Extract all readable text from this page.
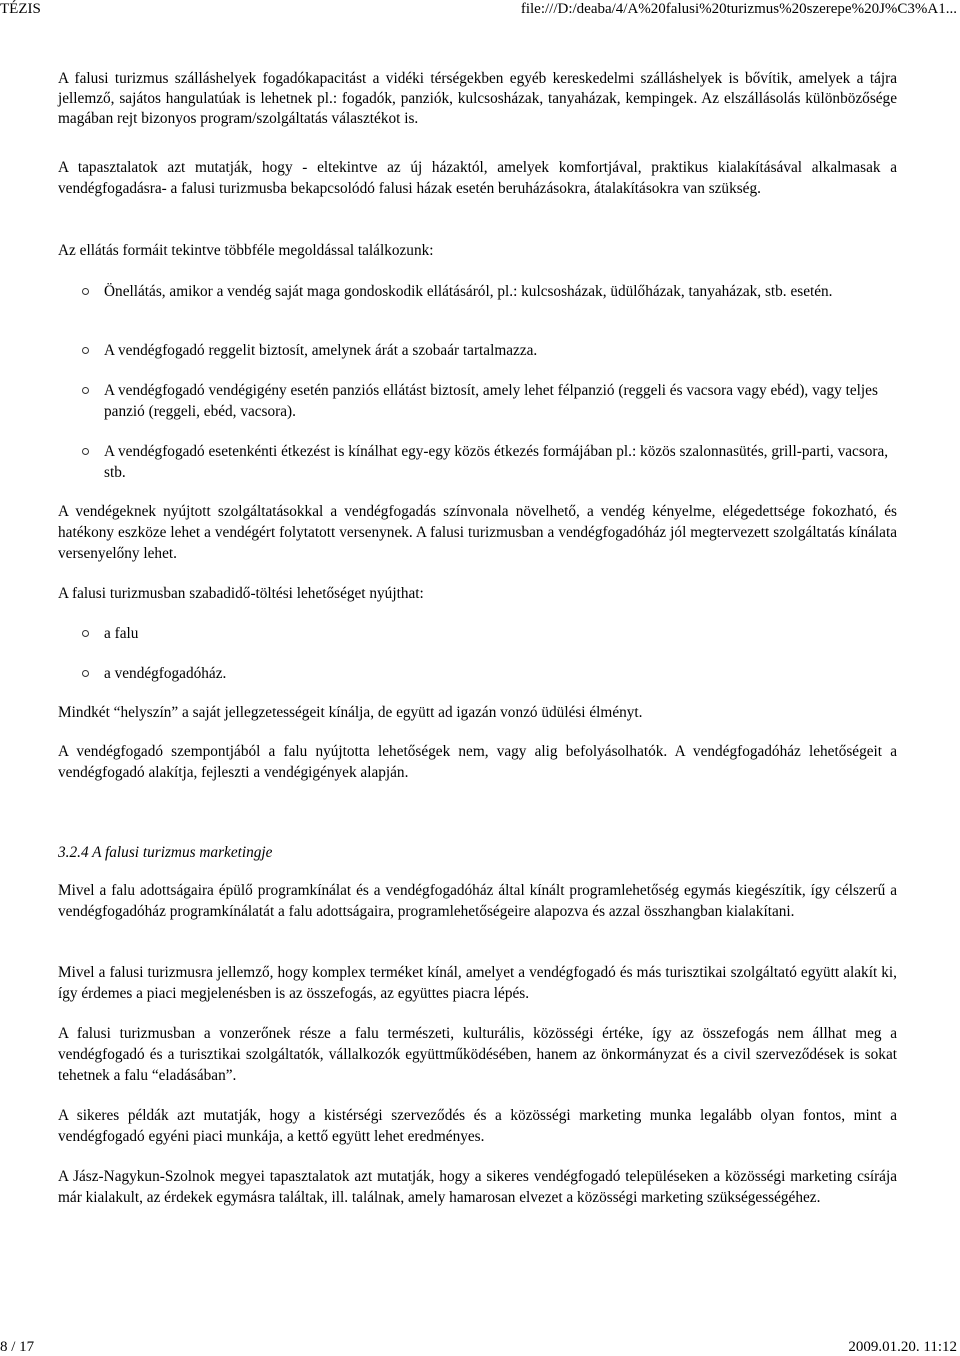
TÉZIS	file:///D:/deaba/4/A%20falusi%20turizmus%20szerepe%20J%C3%A1...

A falusi turizmus szálláshelyek fogadókapacitást a vidéki térségekben egyéb kereskedelmi szálláshelyek is bővítik, amelyek a tájra jellemző, sajátos hangulatúak is lehetnek pl.: fogadók, panziók, kulcsosházak, tanyaházak, kempingek. Az elszállásolás különbözősége magában rejt bizonyos program/szolgáltatás választékot is.

A tapasztalatok azt mutatják, hogy - eltekintve az új házaktól, amelyek komfortjával, praktikus kialakításával alkalmasak a vendégfogadásra- a falusi turizmusba bekapcsolódó falusi házak esetén beruházásokra, átalakításokra van szükség.

Az ellátás formáit tekintve többféle megoldással találkozunk:

Önellátás, amikor a vendég saját maga gondoskodik ellátásáról, pl.: kulcsosházak, üdülőházak, tanyaházak, stb. esetén.
A vendégfogadó reggelit biztosít, amelynek árát a szobaár tartalmazza.
A vendégfogadó vendégigény esetén panziós ellátást biztosít, amely lehet félpanzió (reggeli és vacsora vagy ebéd), vagy teljes panzió (reggeli, ebéd, vacsora).
A vendégfogadó esetenkénti étkezést is kínálhat egy-egy közös étkezés formájában pl.: közös szalonnasütés, grill-parti, vacsora, stb.

A vendégeknek nyújtott szolgáltatásokkal a vendégfogadás színvonala növelhető, a vendég kényelme, elégedettsége fokozható, és hatékony eszköze lehet a vendégért folytatott versenynek. A falusi turizmusban a vendégfogadóház jól megtervezett szolgáltatás kínálata versenyelőny lehet.

A falusi turizmusban szabadidő-töltési lehetőséget nyújthat:

a falu
a vendégfogadóház.

Mindkét “helyszín” a saját jellegzetességeit kínálja, de együtt ad igazán vonzó üdülési élményt.

A vendégfogadó szempontjából a falu nyújtotta lehetőségek nem, vagy alig befolyásolhatók. A vendégfogadóház lehetőségeit a vendégfogadó alakítja, fejleszti a vendégigények alapján.

3.2.4 A falusi turizmus marketingje

Mivel a falu adottságaira épülő programkínálat és a vendégfogadóház által kínált programlehetőség egymás kiegészítik, így célszerű a vendégfogadóház programkínálatát a falu adottságaira, programlehetőségeire alapozva és azzal összhangban kialakítani.

Mivel a falusi turizmusra jellemző, hogy komplex terméket kínál, amelyet a vendégfogadó és más turisztikai szolgáltató együtt alakít ki, így érdemes a piaci megjelenésben is az összefogás, az együttes piacra lépés.

A falusi turizmusban a vonzerőnek része a falu természeti, kulturális, közösségi értéke, így az összefogás nem állhat meg a vendégfogadó és a turisztikai szolgáltatók, vállalkozók együttműködésében, hanem az önkormányzat és a civil szerveződések is sokat tehetnek a falu “eladásában”.

A sikeres példák azt mutatják, hogy a kistérségi szerveződés és a közösségi marketing munka legalább olyan fontos, mint a vendégfogadó egyéni piaci munkája, a kettő együtt lehet eredményes.

A Jász-Nagykun-Szolnok megyei tapasztalatok azt mutatják, hogy a sikeres vendégfogadó településeken a közösségi marketing csírája már kialakult, az érdekek egymásra találtak, ill. találnak, amely hamarosan elvezet a közösségi marketing szükségességéhez.

8 / 17	2009.01.20. 11:12
